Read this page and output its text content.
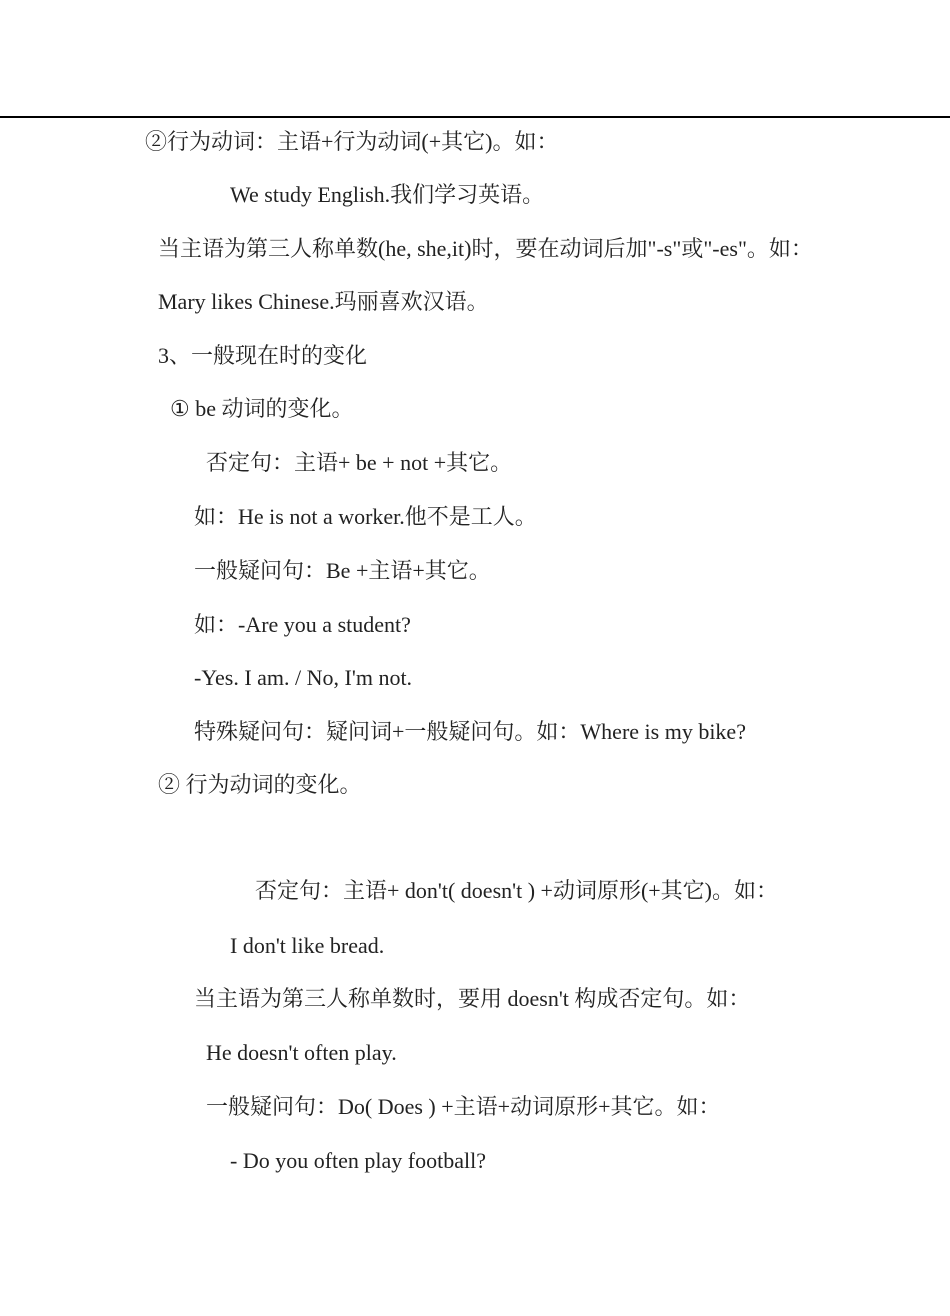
②行为动词：主语+行为动词(+其它)。如：
We study English.我们学习英语。
当主语为第三人称单数(he, she,it)时，要在动词后加"-s"或"-es"。如：
Mary likes Chinese.玛丽喜欢汉语。
3、一般现在时的变化
① be 动词的变化。
否定句：主语+ be + not +其它。
如：He is not a worker.他不是工人。
一般疑问句：Be +主语+其它。
如：-Are you a student?
-Yes. I am. / No, I'm not.
特殊疑问句：疑问词+一般疑问句。如：Where is my bike?
② 行为动词的变化。
否定句：主语+ don't( doesn't ) +动词原形(+其它)。如：
I don't like bread.
当主语为第三人称单数时，要用 doesn't 构成否定句。如：
He doesn't often play.
一般疑问句：Do( Does ) +主语+动词原形+其它。如：
- Do you often play football?
